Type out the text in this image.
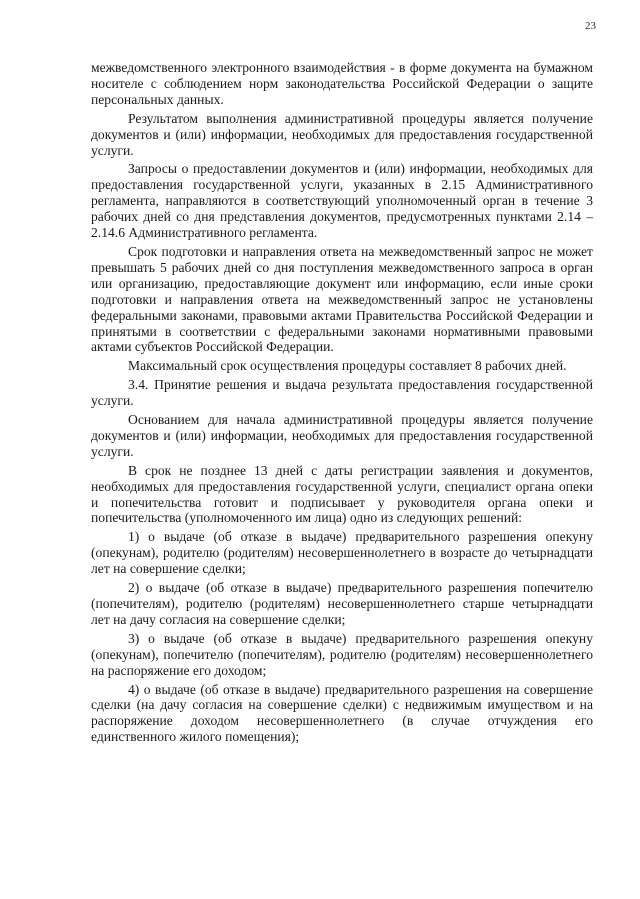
23

межведомственного электронного взаимодействия - в форме документа на бумажном носителе с соблюдением норм законодательства Российской Федерации о защите персональных данных.

Результатом выполнения административной процедуры является получение документов и (или) информации, необходимых для предоставления государственной услуги.

Запросы о предоставлении документов и (или) информации, необходимых для предоставления государственной услуги, указанных в 2.15 Административного регламента, направляются в соответствующий уполномоченный орган в течение 3 рабочих дней со дня представления документов, предусмотренных пунктами 2.14 – 2.14.6 Административного регламента.

Срок подготовки и направления ответа на межведомственный запрос не может превышать 5 рабочих дней со дня поступления межведомственного запроса в орган или организацию, предоставляющие документ или информацию, если иные сроки подготовки и направления ответа на межведомственный запрос не установлены федеральными законами, правовыми актами Правительства Российской Федерации и принятыми в соответствии с федеральными законами нормативными правовыми актами субъектов Российской Федерации.

Максимальный срок осуществления процедуры составляет 8 рабочих дней.

3.4. Принятие решения и выдача результата предоставления государственной услуги.

Основанием для начала административной процедуры является получение документов и (или) информации, необходимых для предоставления государственной услуги.

В срок не позднее 13 дней с даты регистрации заявления и документов, необходимых для предоставления государственной услуги, специалист органа опеки и попечительства готовит и подписывает у руководителя органа опеки и попечительства (уполномоченного им лица) одно из следующих решений:

1) о выдаче (об отказе в выдаче) предварительного разрешения опекуну (опекунам), родителю (родителям) несовершеннолетнего в возрасте до четырнадцати лет на совершение сделки;

2) о выдаче (об отказе в выдаче) предварительного разрешения попечителю (попечителям), родителю (родителям) несовершеннолетнего старше четырнадцати лет на дачу согласия на совершение сделки;

3) о выдаче (об отказе в выдаче) предварительного разрешения опекуну (опекунам), попечителю (попечителям), родителю (родителям) несовершеннолетнего на распоряжение его доходом;

4) о выдаче (об отказе в выдаче) предварительного разрешения на совершение сделки (на дачу согласия на совершение сделки) с недвижимым имуществом и на распоряжение доходом несовершеннолетнего (в случае отчуждения его единственного жилого помещения);
